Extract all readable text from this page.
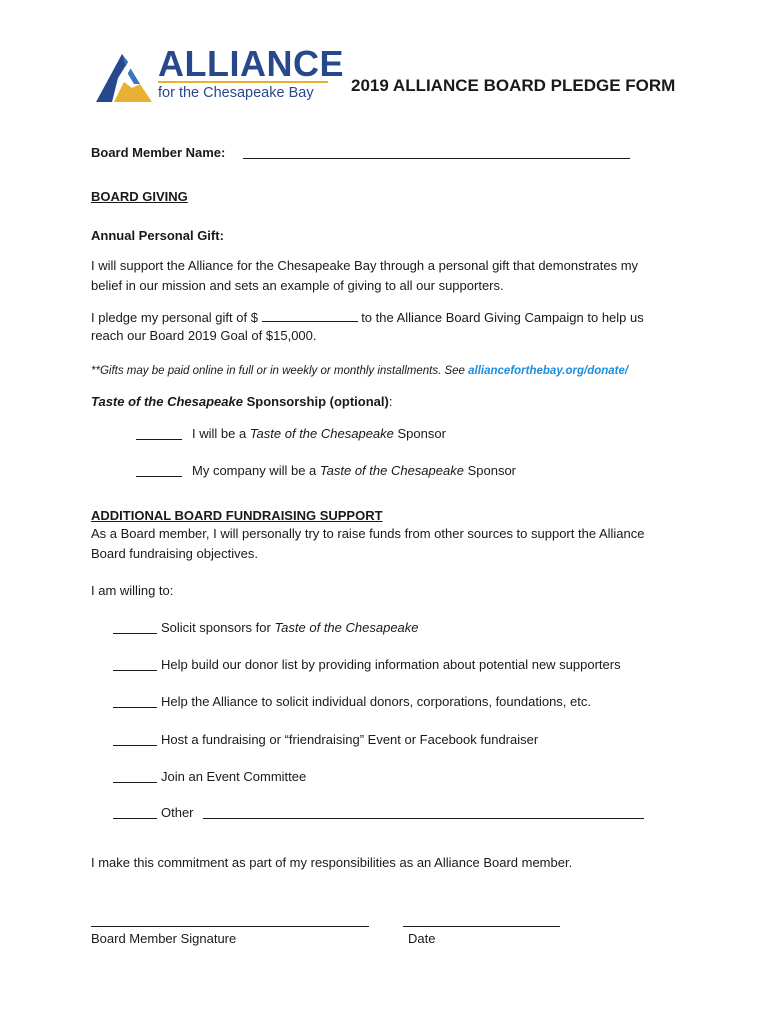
ALLIANCE
for the Chesapeake Bay 2019 ALLIANCE BOARD PLEDGE FORM
Board Member Name:
BOARD GIVING
Annual Personal Gift:
I will support the Alliance for the Chesapeake Bay through a personal gift that demonstrates my
belief in our mission and sets an example of giving to all our supporters.
I pledge my personal gift of $	to the Alliance Board Giving Campaign to help us
reach our Board 2019 Goal of $15,000.
**Gifts may be paid online in full or in weekly or monthly installments. See allianceforthebay.org/donate/
Taste of the Chesapeake Sponsorship (optional):
I will be a Taste of the Chesapeake Sponsor
My company will be a Taste of the Chesapeake Sponsor
ADDITIONAL BOARD FUNDRAISING SUPPORT
As a Board member, I will personally try to raise funds from other sources to support the Alliance
Board fundraising objectives.
I am willing to:
Solicit sponsors for Taste of the Chesapeake
Help build our donor list by providing information about potential new supporters
Help the Alliance to solicit individual donors, corporations, foundations, etc.
Host a fundraising or “friendraising” Event or Facebook fundraiser
Join an Event Committee
Other
I make this commitment as part of my responsibilities as an Alliance Board member.
Board Member Signature	Date
